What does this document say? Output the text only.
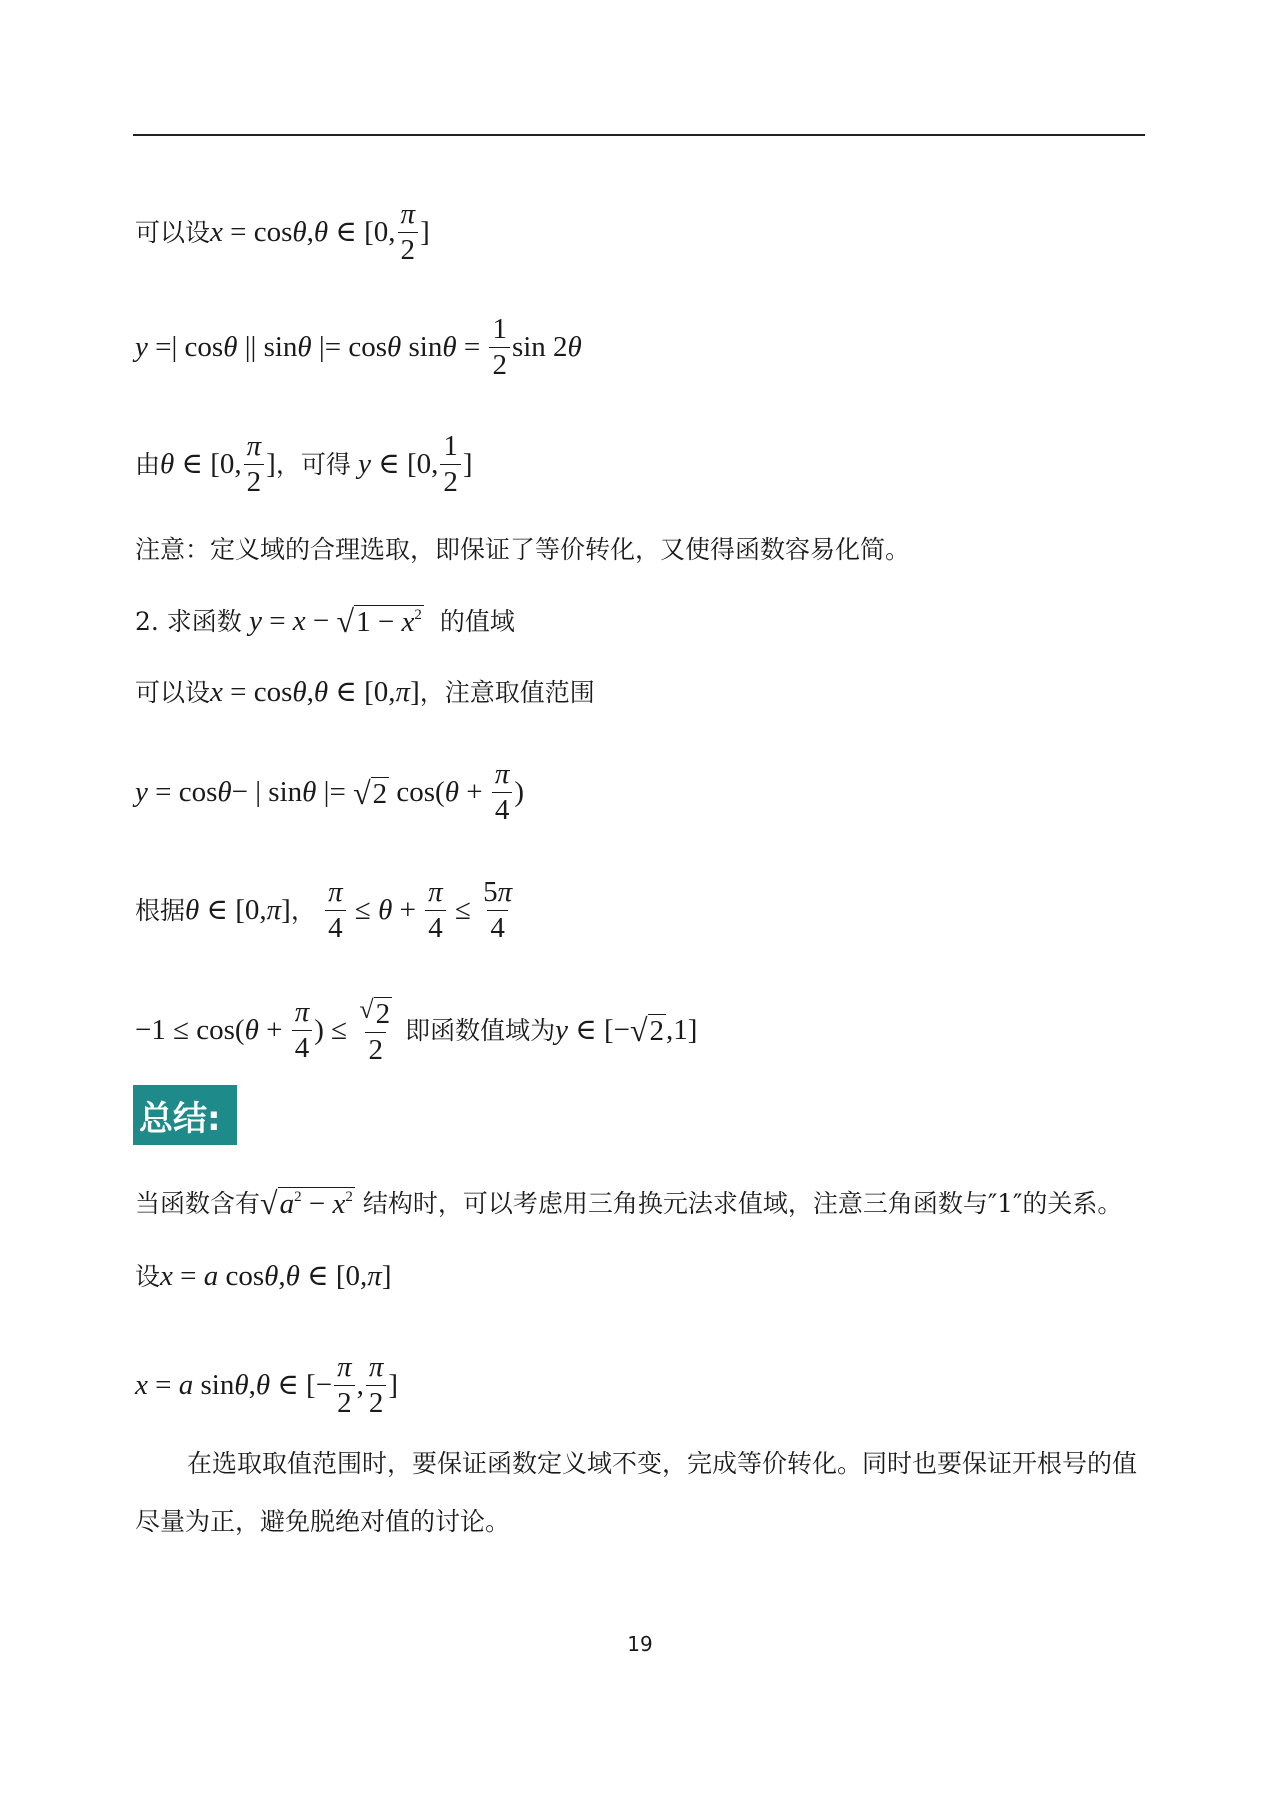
可以设 x = cos θ , θ ∈ [0, $\frac{\pi}{2}$ ]
y =| cos θ || sin θ |= cos θ $\sin \theta = \frac{1}{2}$ sin 2 θ
由 θ ∈ [0, $\frac{\pi}{2}$ ] ，可得
y ∈ [0, $\frac{1}{2}$ ]
注意：定义域的合理选取，即保证了等价转化，又使得函数容易化简。
2. 求函数
y = x − √ $1 - x^2$ 的值域
可以设 x = cos θ , θ ∈ [0, π ] ，注意取值范围
y = cos θ − | sin θ |= √ 2 cos( $\theta + \frac{\pi}{4}$ )
根据 θ ∈ [0, π ] ，
$\frac{\pi}{4} \le \theta + \frac{\pi}{4} \le \frac{5\pi}{4}$
−1 ≤ cos( $\theta + \frac{\pi}{4}$ ) ≤ $\frac{√ 2}{2}$ 即函数值域为 y ∈ [− √ 2 ,1]
总结:
当函数含有 √ $a^2 - x^2$ 结构时，可以考虑用三角换元法求值域，注意三角函数与″1″的关系。
设 x = a cos θ , θ ∈ [0, π ]
x = a sin θ , θ ∈ [− $\frac{\pi}{2}$ , $\frac{\pi}{2}$ ]
在选取取值范围时，要保证函数定义域不变，完成等价转化。同时也要保证开根号的值尽量为正，避免脱绝对值的讨论。
19
